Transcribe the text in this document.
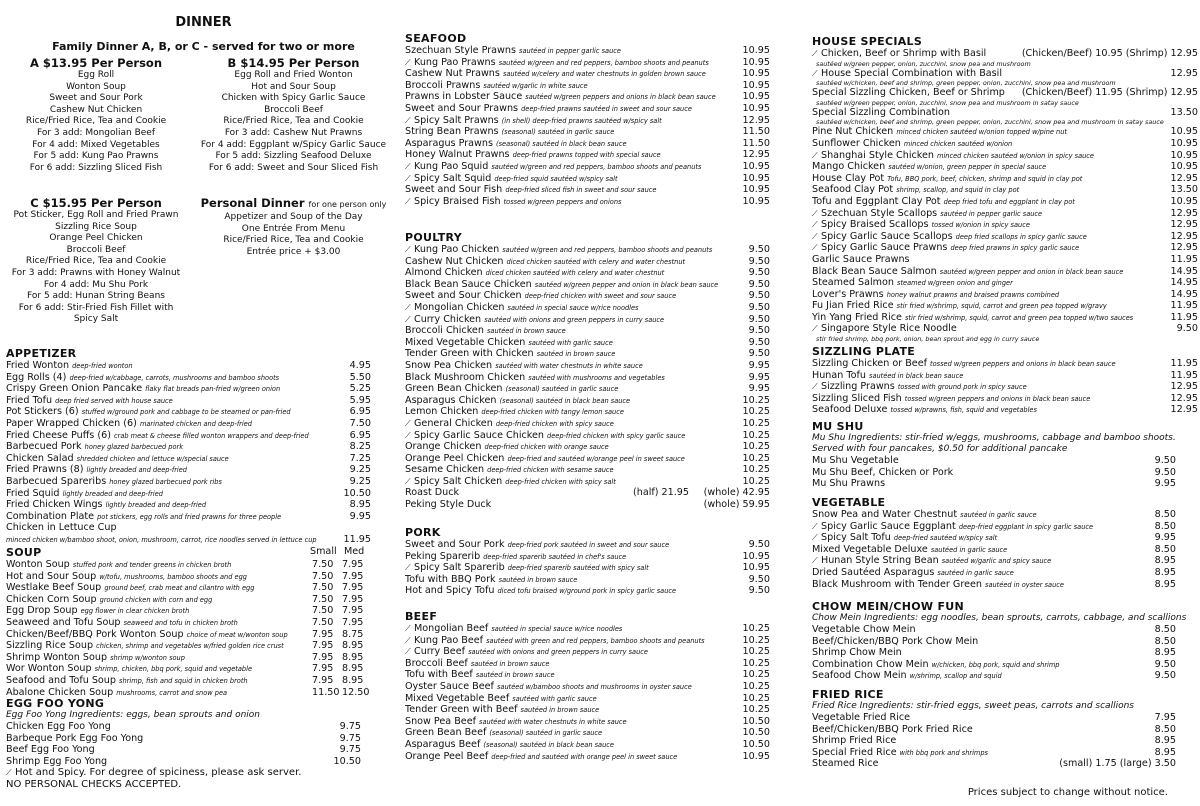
DINNER
Family Dinner A, B, or C - served for two or more
A $13.95 Per Person
Egg Roll
Wonton Soup
Sweet and Sour Pork
Cashew Nut Chicken
Rice/Fried Rice, Tea and Cookie
For 3 add: Mongolian Beef
For 4 add: Mixed Vegetables
For 5 add: Kung Pao Prawns
For 6 add: Sizzling Sliced Fish
B $14.95 Per Person
Egg Roll and Fried Wonton
Hot and Sour Soup
Chicken with Spicy Garlic Sauce
Broccoli Beef
Rice/Fried Rice, Tea and Cookie
For 3 add: Cashew Nut Prawns
For 4 add: Eggplant w/Spicy Garlic Sauce
For 5 add: Sizzling Seafood Deluxe
For 6 add: Sweet and Sour Sliced Fish
C $15.95 Per Person
Pot Sticker, Egg Roll and Fried Prawn
Sizzling Rice Soup
Orange Peel Chicken
Broccoli Beef
Rice/Fried Rice, Tea and Cookie
For 3 add: Prawns with Honey Walnut
For 4 add: Mu Shu Pork
For 5 add: Hunan String Beans
For 6 add: Stir-Fried Fish Fillet with
Spicy Salt
Personal Dinner for one person only
Appetizer and Soup of the Day
One Entrée From Menu
Rice/Fried Rice, Tea and Cookie
Entrée price + $3.00
APPETIZER
Fried Wonton deep-fried wonton	4.95
Egg Rolls (4) deep-fried w/cabbage, carrots, mushrooms and bamboo shoots	5.50
Crispy Green Onion Pancake flaky flat breads pan-fried w/green onion	5.25
Fried Tofu deep fried served with house sauce	5.95
Pot Stickers (6) stuffed w/ground pork and cabbage to be steamed or pan-fried	6.95
Paper Wrapped Chicken (6) marinated chicken and deep-fried	7.50
Fried Cheese Puffs (6) crab meat & cheese filled wonton wrappers and deep-fried	6.95
Barbecued Pork honey glazed barbecued pork	8.25
Chicken Salad shredded chicken and lettuce w/special sauce	7.25
Fried Prawns (8) lightly breaded and deep-fried	9.25
Barbecued Spareribs honey glazed barbecued pork ribs	9.25
Fried Squid lightly breaded and deep-fried	10.50
Fried Chicken Wings lightly breaded and deep-fried	8.95
Combination Plate pot stickers, egg rolls and fried prawns for three people	9.95
Chicken in Lettuce Cup
minced chicken w/bamboo shoot, onion, mushroom, carrot, rice noodles served in lettuce cup	11.95
SOUP	Small Med
Wonton Soup stuffed pork and tender greens in chicken broth	7.50 7.95
Hot and Sour Soup w/tofu, mushrooms, bamboo shoots and egg	7.50 7.95
Westlake Beef Soup ground beef, crab meat and cilantro with egg	7.50 7.95
Chicken Corn Soup ground chicken with corn and egg	7.50 7.95
Egg Drop Soup egg flower in clear chicken broth	7.50 7.95
Seaweed and Tofu Soup seaweed and tofu in chicken broth	7.50 7.95
Chicken/Beef/BBQ Pork Wonton Soup choice of meat w/wonton soup	7.95 8.75
Sizzling Rice Soup chicken, shrimp and vegetables w/fried golden rice crust	7.95 8.95
Shrimp Wonton Soup shrimp w/wonton soup	7.95 8.95
Wor Wonton Soup shrimp, chicken, bbq pork, squid and vegetable	7.95 8.95
Seafood and Tofu Soup shrimp, fish and squid in chicken broth	7.95 8.95
Abalone Chicken Soup mushrooms, carrot and snow pea	11.50 12.50
EGG FOO YONG
Egg Foo Yong Ingredients: eggs, bean sprouts and onion
Chicken Egg Foo Yong	9.75
Barbeque Pork Egg Foo Yong	9.75
Beef Egg Foo Yong	9.75
Shrimp Egg Foo Yong	10.50
⟋ Hot and Spicy. For degree of spiciness, please ask server.
NO PERSONAL CHECKS ACCEPTED.
SEAFOOD
Szechuan Style Prawns sautéed in pepper garlic sauce	10.95
⟋ Kung Pao Prawns sautéed w/green and red peppers, bamboo shoots and peanuts	10.95
Cashew Nut Prawns sautéed w/celery and water chestnuts in golden brown sauce	10.95
Broccoli Prawns sautéed w/garlic in white sauce	10.95
Prawns in Lobster Sauce sautéed w/green peppers and onions in black bean sauce	10.95
Sweet and Sour Prawns deep-fried prawns sautéed in sweet and sour sauce	10.95
⟋ Spicy Salt Prawns (in shell) deep-fried prawns sautéed w/spicy salt	12.95
String Bean Prawns (seasonal) sautéed in garlic sauce	11.50
Asparagus Prawns (seasonal) sautéed in black bean sauce	11.50
Honey Walnut Prawns deep-fried prawns topped with special sauce	12.95
⟋ Kung Pao Squid sautéed w/green and red peppers, bamboo shoots and peanuts	10.95
⟋ Spicy Salt Squid deep-fried squid sautéed w/spicy salt	10.95
Sweet and Sour Fish deep-fried sliced fish in sweet and sour sauce	10.95
⟋ Spicy Braised Fish tossed w/green peppers and onions	10.95
POULTRY
⟋ Kung Pao Chicken sautéed w/green and red peppers, bamboo shoots and peanuts	9.50
Cashew Nut Chicken diced chicken sautéed with celery and water chestnut	9.50
Almond Chicken diced chicken sautéed with celery and water chestnut	9.50
Black Bean Sauce Chicken sautéed w/green pepper and onion in black bean sauce	9.50
Sweet and Sour Chicken deep-fried chicken with sweet and sour sauce	9.50
⟋ Mongolian Chicken sautéed in special sauce w/rice noodles	9.50
⟋ Curry Chicken sautéed with onions and green peppers in curry sauce	9.50
Broccoli Chicken sautéed in brown sauce	9.50
Mixed Vegetable Chicken sautéed with garlic sauce	9.50
Tender Green with Chicken sautéed in brown sauce	9.50
Snow Pea Chicken sautéed with water chestnuts in white sauce	9.95
Black Mushroom Chicken sautéed with mushrooms and vegetables	9.95
Green Bean Chicken (seasonal) sautéed in garlic sauce	9.95
Asparagus Chicken (seasonal) sautéed in black bean sauce	10.25
Lemon Chicken deep-fried chicken with tangy lemon sauce	10.25
⟋ General Chicken deep-fried chicken with spicy sauce	10.25
⟋ Spicy Garlic Sauce Chicken deep-fried chicken with spicy garlic sauce	10.25
Orange Chicken deep-fried chicken with orange sauce	10.25
Orange Peel Chicken deep-fried and sautéed w/orange peel in sweet sauce	10.25
Sesame Chicken deep-fried chicken with sesame sauce	10.25
⟋ Spicy Salt Chicken deep-fried chicken with spicy salt	10.25
Roast Duck	(half) 21.95	(whole) 42.95
Peking Style Duck	(whole) 59.95
PORK
Sweet and Sour Pork deep-fried pork sautéed in sweet and sour sauce	9.50
Peking Sparerib deep-fried sparerib sautéed in chef's sauce	10.95
⟋ Spicy Salt Sparerib deep-fried sparerib sautéed with spicy salt	10.95
Tofu with BBQ Pork sautéed in brown sauce	9.50
Hot and Spicy Tofu diced tofu braised w/ground pork in spicy garlic sauce	9.50
BEEF
⟋ Mongolian Beef sautéed in special sauce w/rice noodles	10.25
⟋ Kung Pao Beef sautéed with green and red peppers, bamboo shoots and peanuts	10.25
⟋ Curry Beef sautéed with onions and green peppers in curry sauce	10.25
Broccoli Beef sautéed in brown sauce	10.25
Tofu with Beef sautéed in brown sauce	10.25
Oyster Sauce Beef sautéed w/bamboo shoots and mushrooms in oyster sauce	10.25
Mixed Vegetable Beef sautéed with garlic sauce	10.25
Tender Green with Beef sautéed in brown sauce	10.25
Snow Pea Beef sautéed with water chestnuts in white sauce	10.50
Green Bean Beef (seasonal) sautéed in garlic sauce	10.50
Asparagus Beef (seasonal) sautéed in black bean sauce	10.50
Orange Peel Beef deep-fried and sautéed with orange peel in sweet sauce	10.95
HOUSE SPECIALS
⟋ Chicken, Beef or Shrimp with Basil	(Chicken/Beef) 10.95 (Shrimp) 12.95
sautéed w/green pepper, onion, zucchini, snow pea and mushroom
⟋ House Special Combination with Basil	12.95
sautéed w/chicken, beef and shrimp, green pepper, onion, zucchini, snow pea and mushroom
Special Sizzling Chicken, Beef or Shrimp	(Chicken/Beef) 11.95 (Shrimp) 12.95
sautéed w/green pepper, onion, zucchini, snow pea and mushroom in satay sauce
Special Sizzling Combination	13.50
sautéed w/chicken, beef and shrimp, green pepper, onion, zucchini, snow pea and mushroom in satay sauce
Pine Nut Chicken minced chicken sautéed w/onion topped w/pine nut	10.95
Sunflower Chicken minced chicken sautéed w/onion	10.95
⟋ Shanghai Style Chicken minced chicken sautéed w/onion in spicy sauce	10.95
Mango Chicken sautéed w/onion, green pepper in special sauce	10.95
House Clay Pot Tofu, BBQ pork, beef, chicken, shrimp and squid in clay pot	12.95
Seafood Clay Pot shrimp, scallop, and squid in clay pot	13.50
Tofu and Eggplant Clay Pot deep fried tofu and eggplant in clay pot	10.95
⟋ Szechuan Style Scallops sautéed in pepper garlic sauce	12.95
⟋ Spicy Braised Scallops tossed w/onion in spicy sauce	12.95
⟋ Spicy Garlic Sauce Scallops deep fried scallops in spicy garlic sauce	12.95
⟋ Spicy Garlic Sauce Prawns deep fried prawns in spicy garlic sauce	12.95
Garlic Sauce Prawns	11.95
Black Bean Sauce Salmon sautéed w/green pepper and onion in black bean sauce	14.95
Steamed Salmon steamed w/green onion and ginger	14.95
Lover's Prawns honey walnut prawns and braised prawns combined	14.95
Fu Jian Fried Rice stir fried w/shrimp, squid, carrot and green pea topped w/gravy	11.95
Yin Yang Fried Rice stir fried w/shrimp, squid, carrot and green pea topped w/two sauces	11.95
⟋ Singapore Style Rice Noodle	9.50
stir fried shrimp, bbq pork, onion, bean sprout and egg in curry sauce
SIZZLING PLATE
Sizzling Chicken or Beef tossed w/green peppers and onions in black bean sauce	11.95
Hunan Tofu sautéed in black bean sauce	11.95
⟋ Sizzling Prawns tossed with ground pork in spicy sauce	12.95
Sizzling Sliced Fish tossed w/green peppers and onions in black bean sauce	12.95
Seafood Deluxe tossed w/prawns, fish, squid and vegetables	12.95
MU SHU
Mu Shu Ingredients: stir-fried w/eggs, mushrooms, cabbage and bamboo shoots.
Served with four pancakes, $0.50 for additional pancake
Mu Shu Vegetable	9.50
Mu Shu Beef, Chicken or Pork	9.50
Mu Shu Prawns	9.95
VEGETABLE
Snow Pea and Water Chestnut sautéed in garlic sauce	8.50
⟋ Spicy Garlic Sauce Eggplant deep-fried eggplant in spicy garlic sauce	8.50
⟋ Spicy Salt Tofu deep-fried sautéed w/spicy salt	9.95
Mixed Vegetable Deluxe sautéed in garlic sauce	8.50
⟋ Hunan Style String Bean sautéed w/garlic and spicy sauce	8.95
Dried Sautéed Asparagus sautéed in garlic sauce	8.95
Black Mushroom with Tender Green sautéed in oyster sauce	8.95
CHOW MEIN/CHOW FUN
Chow Mein Ingredients: egg noodles, bean sprouts, carrots, cabbage, and scallions
Vegetable Chow Mein	8.50
Beef/Chicken/BBQ Pork Chow Mein	8.50
Shrimp Chow Mein	8.95
Combination Chow Mein w/chicken, bbq pork, squid and shrimp	9.50
Seafood Chow Mein w/shrimp, scallop and squid	9.50
FRIED RICE
Fried Rice Ingredients: stir-fried eggs, sweet peas, carrots and scallions
Vegetable Fried Rice	7.95
Beef/Chicken/BBQ Pork Fried Rice	8.50
Shrimp Fried Rice	8.95
Special Fried Rice with bbq pork and shrimps	8.95
Steamed Rice	(small) 1.75 (large) 3.50
Prices subject to change without notice.
